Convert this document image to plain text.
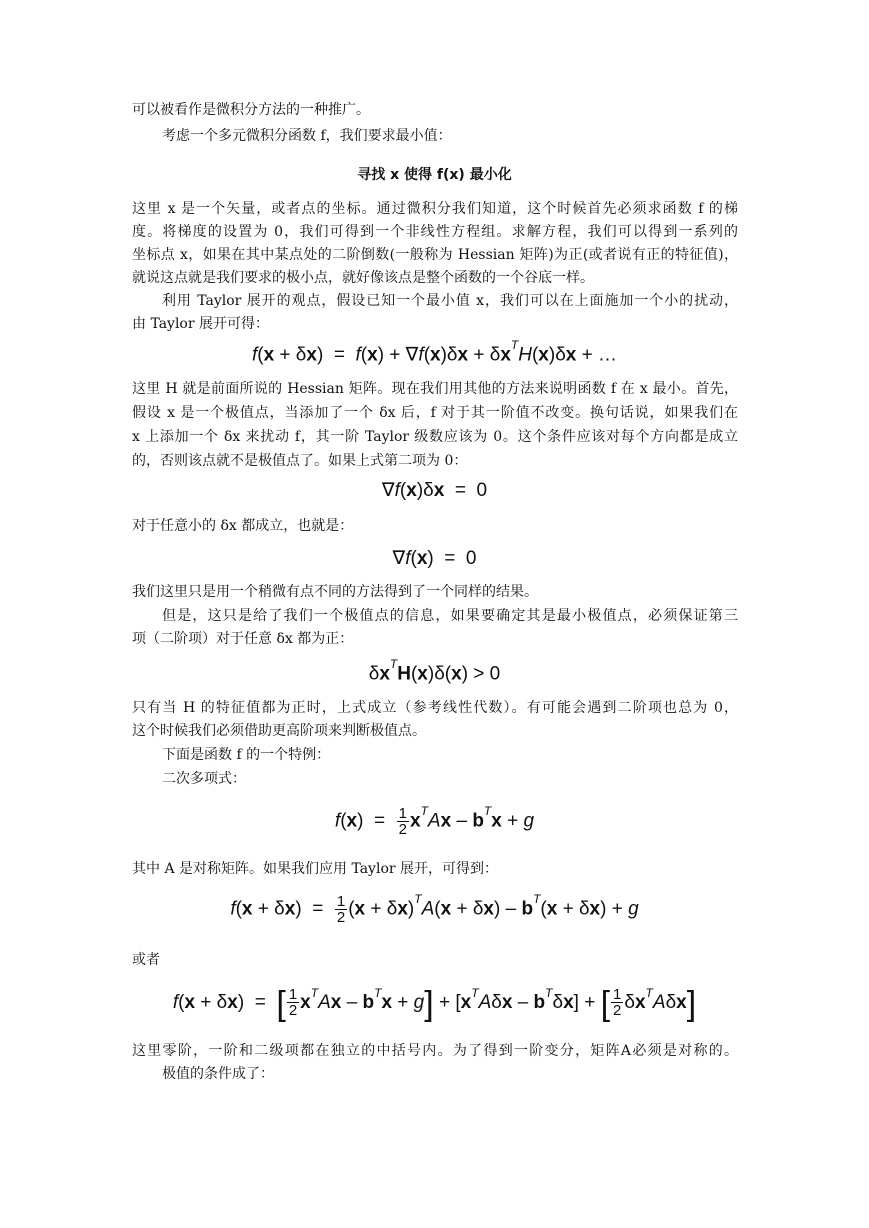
可以被看作是微积分方法的一种推广。
考虑一个多元微积分函数 f，我们要求最小值：
寻找 x 使得 f(x) 最小化
这里 x 是一个矢量，或者点的坐标。通过微积分我们知道，这个时候首先必须求函数 f 的梯
度。将梯度的设置为 0，我们可得到一个非线性方程组。求解方程，我们可以得到一系列的
坐标点 x，如果在其中某点处的二阶倒数(一般称为 Hessian 矩阵)为正(或者说有正的特征值)，
就说这点就是我们要求的极小点，就好像该点是整个函数的一个谷底一样。
利用 Taylor 展开的观点，假设已知一个最小值 x，我们可以在上面施加一个小的扰动，
由 Taylor 展开可得：
$f(x + \delta x) = f(x) + \nabla f(x)\delta x + \delta x^TH(x)\delta x$ + …
这里 H 就是前面所说的 Hessian 矩阵。现在我们用其他的方法来说明函数 f 在 x 最小。首先，
假设 x 是一个极值点，当添加了一个 δx 后，f 对于其一阶值不改变。换句话说，如果我们在
x 上添加一个 δx 来扰动 f，其一阶 Taylor 级数应该为 0。这个条件应该对每个方向都是成立
的，否则该点就不是极值点了。如果上式第二项为 0：
∇f(x)δx  =  0
对于任意小的 δx 都成立，也就是：
∇f(x)  =  0
我们这里只是用一个稍微有点不同的方法得到了一个同样的结果。
但是，这只是给了我们一个极值点的信息，如果要确定其是最小极值点，必须保证第三
项（二阶项）对于任意 δx 都为正：
$\delta x^TH(x)\delta(x) > 0$
只有当 H 的特征值都为正时，上式成立（参考线性代数）。有可能会遇到二阶项也总为 0，
这个时候我们必须借助更高阶项来判断极值点。
下面是函数 f 的一个特例：
二次多项式：
$f(x) = \frac{1}{2} x^TAx - b^Tx + g$
其中 A 是对称矩阵。如果我们应用 Taylor 展开，可得到：
$f(x + \delta x) = \frac{1}{2} (x + \delta x)^TA(x + \delta x) - b^T(x + \delta x) + g$
或者
f(x + δx)  =  [ $\frac{1}{2} x^TAx - b^Tx + g] + [x^TA\delta x - b^T\delta x]$ + [ $\frac{1}{2} \delta x^TA\delta x$]
这里零阶，一阶和二级项都在独立的中括号内。为了得到一阶变分，矩阵A必须是对称的。
极值的条件成了：
